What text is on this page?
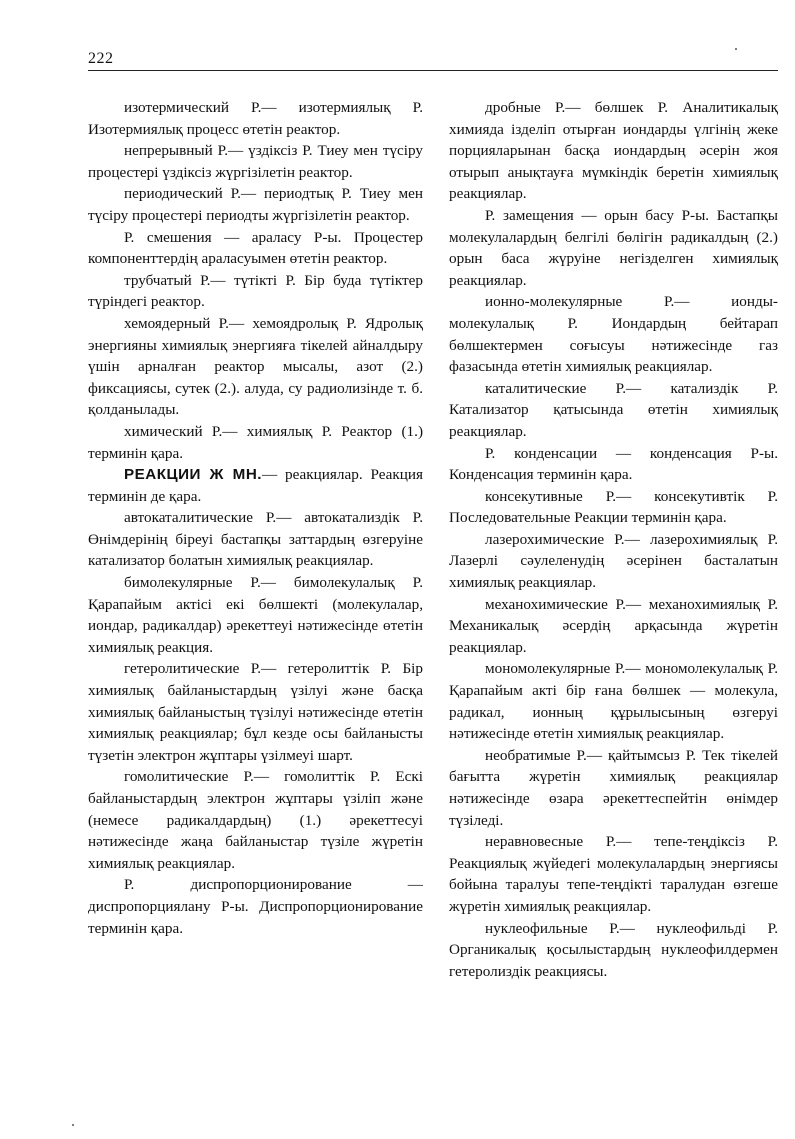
222

изотермический Р.— изотермиялық Р. Изотермиялық процесс өтетін реактор.

непрерывный Р.— үздіксіз Р. Тиеу мен түсіру процестері үздіксіз жүргізілетін реактор.

периодический Р.— периодтық Р. Тиеу мен түсіру процестері периодты жүргізілетін реактор.

Р. смешения — араласу Р-ы. Процестер компоненттердің араласуымен өтетін реактор.

трубчатый Р.— түтікті Р. Бір буда түтіктер түріндегі реактор.

хемоядерный Р.— хемоядролық Р. Ядролық энергияны химиялық энергияға тікелей айналдыру үшін арналған реактор мысалы, азот (2.) фиксациясы, сутек (2.). алуда, су радиолизінде т. б. қолданылады.

химический Р.— химиялық Р. Реактор (1.) терминін қара.

РЕАКЦИИ Ж МН.— реакциялар. Реакция терминін де қара.

автокаталитические Р.— автокатализдік Р. Өнімдерінің біреуі бастапқы заттардың өзгеруіне катализатор болатын химиялық реакциялар.

бимолекулярные Р.— бимолекулалық Р. Қарапайым актісі екі бөлшекті (молекулалар, иондар, радикалдар) әрекеттеуі нәтижесінде өтетін химиялық реакция.

гетеролитические Р.— гетеролиттік Р. Бір химиялық байланыстардың үзілуі және басқа химиялық байланыстың түзілуі нәтижесінде өтетін химиялық реакциялар; бұл кезде осы байланысты түзетін электрон жұптары үзілмеуі шарт.

гомолитические Р.— гомолиттік Р. Ескі байланыстардың электрон жұптары үзіліп және (немесе радикалдардың) (1.) әрекеттесуі нәтижесінде жаңа байланыстар түзіле жүретін химиялық реакциялар.

Р. диспропорционирование — диспропорциялану Р-ы. Диспропорционирование терминін қара.

дробные Р.— бөлшек Р. Аналитикалық химияда ізделіп отырған иондарды үлгінің жеке порцияларынан басқа иондардың әсерін жоя отырып анықтауға мүмкіндік беретін химиялық реакциялар.

Р. замещения — орын басу Р-ы. Бастапқы молекулалардың белгілі бөлігін радикалдың (2.) орын баса жүруіне негізделген химиялық реакциялар.

ионно-молекулярные Р.— ионды-молекулалық Р. Иондардың бейтарап бөлшектермен соғысуы нәтижесінде газ фазасында өтетін химиялық реакциялар.

каталитические Р.— катализдік Р. Катализатор қатысында өтетін химиялық реакциялар.

Р. конденсации — конденсация Р-ы. Конденсация терминін қара.

консекутивные Р.— консекутивтік Р. Последовательные Реакции терминін қара.

лазерохимические Р.— лазерохимиялық Р. Лазерлі сәулеленудің әсерінен басталатын химиялық реакциялар.

механохимические Р.— механохимиялық Р. Механикалық әсердің арқасында жүретін реакциялар.

мономолекулярные Р.— мономолекулалық Р. Қарапайым акті бір ғана бөлшек — молекула, радикал, ионның құрылысының өзгеруі нәтижесінде өтетін химиялық реакциялар.

необратимые Р.— қайтымсыз Р. Тек тікелей бағытта жүретін химиялық реакциялар нәтижесінде өзара әрекеттеспейтін өнімдер түзіледі.

неравновесные Р.— тепе-теңдіксіз Р. Реакциялық жүйедегі молекулалардың энергиясы бойына таралуы тепе-теңдікті таралудан өзгеше жүретін химиялық реакциялар.

нуклеофильные Р.— нуклеофильді Р. Органикалық қосылыстардың нуклеофилдермен гетеролиздік реакциясы.
